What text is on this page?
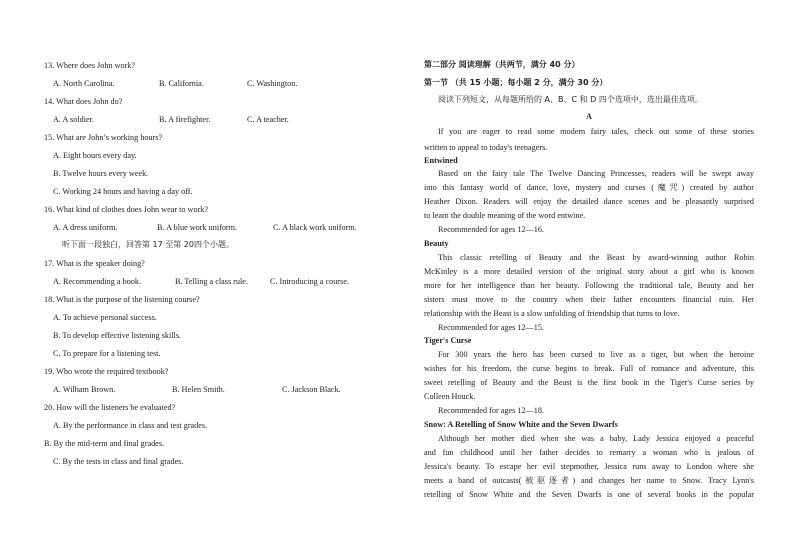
13. Where does John work?
A. North Carolina.	B. California.	C. Washington.
14. What does John do?
A. A soldier.	B. A firefighter.	C. A teacher.
15. What are John’s working hours?
A. Eight hours every day.
B. Twelve hours every week.
C. Working 24 hours and having a day off.
16. What kind of clothes does John wear to work?
A. A dress uniform.	B. A blue work uniform.	C. A black work uniform.
听下面一段独白，回答第 17 至第 20四个小题。
17. What is the speaker doing?
A. Recommending a book.	B. Telling a class rule.	C. Introducing a course.
18. What is the purpose of the listening course?
A. To achieve personal success.
B. To develop effective listening skills.
C. To prepare for a listening test.
19. Who wrote the required textbook?
A. Wilham Brown.	B. Helen Smith.	C. Jackson Black.
20. How will the listeners be evaluated?
A. By the performance in class and test grades.
B. By the mid-term and final grades.
C. By the tests in class and final grades.
第二部分 阅读理解（共两节，满分 40 分）
第一节 （共 15 小题；每小题 2 分，满分 30 分）
阅读下列短文，从每题所给的 A、B、C 和 D 四个选项中，选出最佳选项。
A
If you are eager to read some modern fairy tales, check out some of these stories
written to appeal to today's teenagers.
Entwined
Based on the fairy tale The Twelve Dancing Princesses, readers will be swept away
into this fantasy world of dance, love, mystery and curses (魔咒) created by author
Heather Dixon. Readers will enjoy the detailed dance scenes and be pleasantly surprised
to learn the double meaning of the word entwine.
Recommended for ages 12—16.
Beauty
This classic retelling of Beauty and the Beast by award-winning author Robin
McKinley is a more detailed version of the original story about a girl who is known
more for her intelligence than her beauty. Following the traditional tale, Beauty and her
sisters must move to the country when their father encounters financial ruin. Her
relationship with the Beast is a slow unfolding of friendship that turns to love.
Recommended for ages 12—15.
Tiger's Curse
For 300 years the hero has been cursed to live as a tiger, but when the heroine
wishes for his freedom, the curse begins to break. Full of romance and adventure, this
sweet retelling of Beauty and the Beast is the first book in the Tiger's Curse series by
Colleen Houck.
Recommended for ages 12—18.
Snow: A Retelling of Snow White and the Seven Dwarfs
Although her mother died when she was a baby, Lady Jessica enjoyed a peaceful
and fun childhood until her father decides to remarry a woman who is jealous of
Jessica's beauty. To escape her evil stepmother, Jessica runs away to London where she
meets a band of outcasts(被驱逐者) and changes her name to Snow. Tracy Lynn's
retelling of Snow White and the Seven Dwarfs is one of several books in the popular
